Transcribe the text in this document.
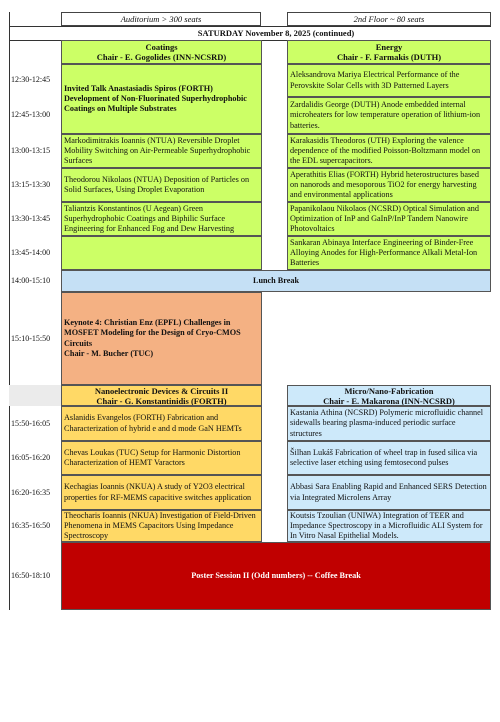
Auditorium > 300 seats	2nd Floor ~ 80 seats
SATURDAY November 8, 2025 (continued)
Coatings
Chair - E. Gogolides (INN-NCSRD)
Energy
Chair - F. Farmakis (DUTH)
12:30-12:45
12:45-13:00
13:00-13:15
13:15-13:30
13:30-13:45
13:45-14:00
14:00-15:10
15:10-15:50
15:50-16:05
16:05-16:20
16:20-16:35
16:35-16:50
16:50-18:10
Invited Talk Anastasiadis Spiros (FORTH) Development of Non-Fluorinated Superhydrophobic Coatings on Multiple Substrates
Markodimitrakis Ioannis (NTUA) Reversible Droplet Mobility Switching on Air-Permeable Superhydrophobic Surfaces
Theodorou Nikolaos (NTUA) Deposition of Particles on Solid Surfaces, Using Droplet Evaporation
Taliantzis Konstantinos (U Aegean) Green Superhydrophobic Coatings and Biphilic Surface Engineering for Enhanced Fog and Dew Harvesting
Aleksandrova Mariya Electrical Performance of the Perovskite Solar Cells with 3D Patterned Layers
Zardalidis George (DUTH) Anode embedded internal microheaters for low temperature operation of lithium-ion batteries.
Karakasidis Theodoros (UTH) Exploring the valence dependence of the modified Poisson-Boltzmann model on the EDL supercapacitors.
Aperathitis Elias (FORTH) Hybrid heterostructures based on nanorods and mesoporous TiO2 for energy harvesting and environmental applications
Papanikolaou Nikolaos (NCSRD) Optical Simulation and Optimization of InP and GaInP/InP Tandem Nanowire Photovoltaics
Sankaran Abinaya Interface Engineering of Binder-Free Alloying Anodes for High-Performance Alkali Metal-Ion Batteries
Lunch Break
Keynote 4: Christian Enz (EPFL) Challenges in MOSFET Modeling for the Design of Cryo-CMOS Circuits
Chair - M. Bucher (TUC)
Nanoelectronic Devices & Circuits II
Chair - G. Konstantinidis (FORTH)
Micro/Nano-Fabrication
Chair - E. Makarona (INN-NCSRD)
Aslanidis Evangelos (FORTH) Fabrication and Characterization of hybrid e and d mode GaN HEMTs
Chevas Loukas (TUC) Setup for Harmonic Distortion Characterization of HEMT Varactors
Kechagias Ioannis (NKUA) A study of Y2O3 electrical properties for RF-MEMS capacitive switches application
Theocharis Ioannis (NKUA) Investigation of Field-Driven Phenomena in MEMS Capacitors Using Impedance Spectroscopy
Kastania Athina (NCSRD) Polymeric microfluidic channel sidewalls bearing plasma-induced periodic surface structures
Šilhan Lukáš Fabrication of wheel trap in fused silica via selective laser etching using femtosecond pulses
Abbasi Sara Enabling Rapid and Enhanced SERS Detection via Integrated Microlens Array
Koutsis Tzoulian (UNIWA) Integration of TEER and Impedance Spectroscopy in a Microfluidic ALI System for In Vitro Nasal Epithelial Models.
Poster Session II (Odd numbers) -- Coffee Break
